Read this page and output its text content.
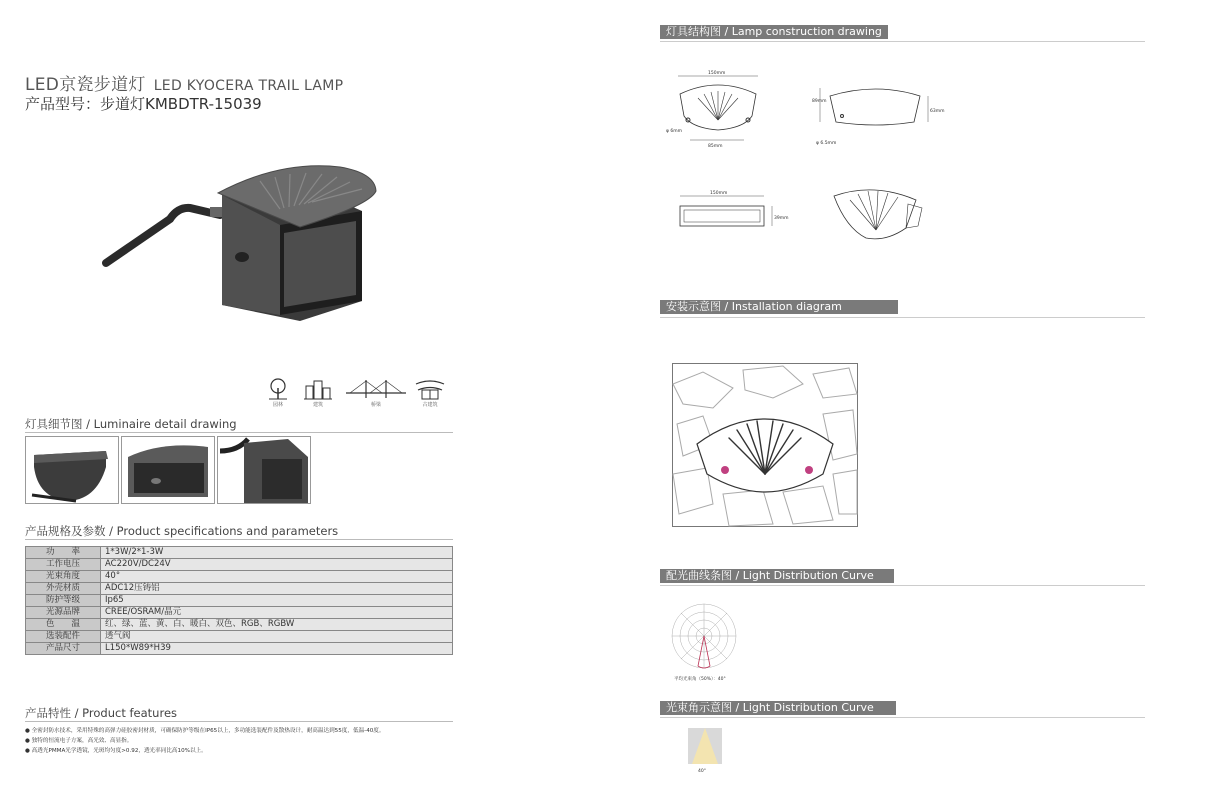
LED京瓷步道灯 LED KYOCERA TRAIL LAMP
产品型号：步道灯KMBDTR-15039
园林	建筑	桥梁	古建筑
灯具细节图 / Luminaire detail drawing
产品规格及参数 / Product specifications and parameters
功　　率	1*3W/2*1-3W
工作电压	AC220V/DC24V
光束角度	40°
外壳材质	ADC12压铸铝
防护等级	Ip65
光源品牌	CREE/OSRAM/晶元
色　　温	红、绿、蓝、黄、白、暖白、双色、RGB、RGBW
选装配件	透气阀
产品尺寸	L150*W89*H39
产品特性 / Product features
● 全密封防水技术，采用特殊的高弹力硅胶密封材质，可确保防护等级在IP65以上，多功能选装配件及散热设计，耐高温达到55度，低温-40度。
● 独特的恒流电子方案，高光效、高显指。
● 高透光PMMA光学透镜，光斑均匀度>0.92，透光率同比高10%以上。
灯具结构图 / Lamp construction drawing
150mm
85mm
φ 6mm
89mm
63mm
φ 6.5mm
150mm
39mm
安装示意图 / Installation diagram
配光曲线条图 / Light Distribution Curve
平均光束角（50%）：40°
光束角示意图 / Light Distribution Curve
40°
